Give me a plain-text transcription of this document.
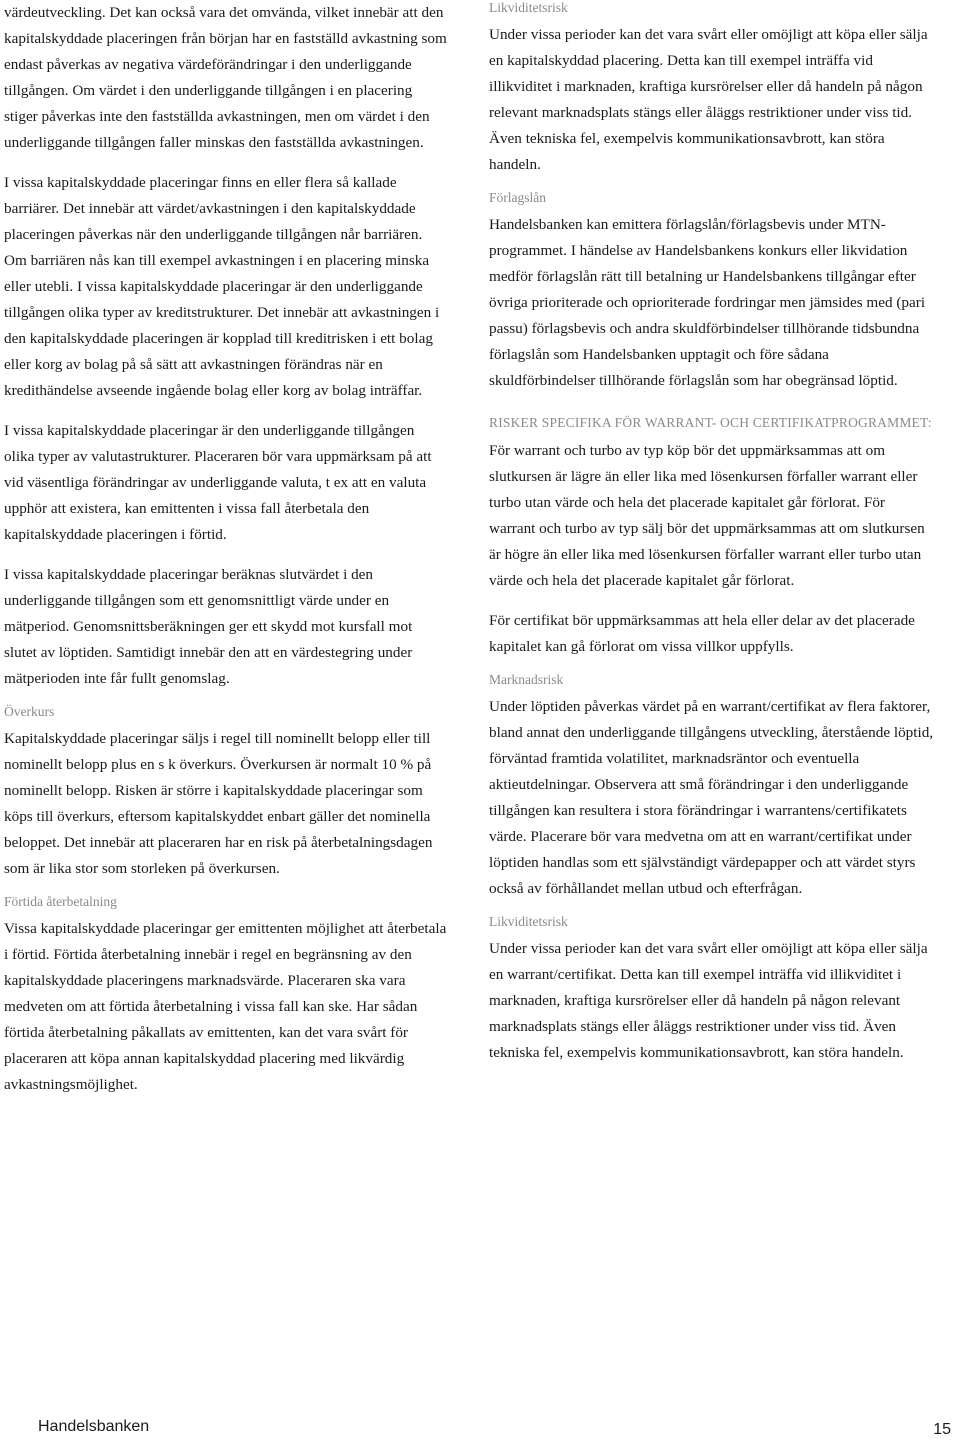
värdeutveckling. Det kan också vara det omvända, vilket innebär att den kapitalskyddade placeringen från början har en fastställd avkastning som endast påverkas av negativa värdeförändringar i den underliggande tillgången. Om värdet i den underliggande tillgången i en placering stiger påverkas inte den fastställda avkastningen, men om värdet i den underliggande tillgången faller minskas den fastställda avkastningen.

I vissa kapitalskyddade placeringar finns en eller flera så kallade barriärer. Det innebär att värdet/avkastningen i den kapitalskyddade placeringen påverkas när den underliggande tillgången når barriären. Om barriären nås kan till exempel avkastningen i en placering minska eller utebli. I vissa kapitalskyddade placeringar är den underliggande tillgången olika typer av kreditstrukturer. Det innebär att avkastningen i den kapitalskyddade placeringen är kopplad till kreditrisken i ett bolag eller korg av bolag på så sätt att avkastningen förändras när en kredithändelse avseende ingående bolag eller korg av bolag inträffar.

I vissa kapitalskyddade placeringar är den underliggande tillgången olika typer av valutastrukturer. Placeraren bör vara uppmärksam på att vid väsentliga förändringar av underliggande valuta, t ex att en valuta upphör att existera, kan emittenten i vissa fall återbetala den kapitalskyddade placeringen i förtid.

I vissa kapitalskyddade placeringar beräknas slutvärdet i den underliggande tillgången som ett genomsnittligt värde under en mätperiod. Genomsnittsberäkningen ger ett skydd mot kursfall mot slutet av löptiden. Samtidigt innebär den att en värdestegring under mätperioden inte får fullt genomslag.

Överkurs

Kapitalskyddade placeringar säljs i regel till nominellt belopp eller till nominellt belopp plus en s k överkurs. Överkursen är normalt 10 % på nominellt belopp. Risken är större i kapitalskyddade placeringar som köps till överkurs, eftersom kapitalskyddet enbart gäller det nominella beloppet. Det innebär att placeraren har en risk på återbetalningsdagen som är lika stor som storleken på överkursen.

Förtida återbetalning

Vissa kapitalskyddade placeringar ger emittenten möjlighet att återbetala i förtid. Förtida återbetalning innebär i regel en begränsning av den kapitalskyddade placeringens marknadsvärde. Placeraren ska vara medveten om att förtida återbetalning i vissa fall kan ske. Har sådan förtida återbetalning påkallats av emittenten, kan det vara svårt för placeraren att köpa annan kapitalskyddad placering med likvärdig avkastningsmöjlighet.

Likviditetsrisk

Under vissa perioder kan det vara svårt eller omöjligt att köpa eller sälja en kapitalskyddad placering. Detta kan till exempel inträffa vid illikviditet i marknaden, kraftiga kursrörelser eller då handeln på någon relevant marknadsplats stängs eller åläggs restriktioner under viss tid. Även tekniska fel, exempelvis kommunikationsavbrott, kan störa handeln.

Förlagslån

Handelsbanken kan emittera förlagslån/förlagsbevis under MTN-programmet. I händelse av Handelsbankens konkurs eller likvidation medför förlagslån rätt till betalning ur Handelsbankens tillgångar efter övriga prioriterade och oprioriterade fordringar men jämsides med (pari passu) förlagsbevis och andra skuldförbindelser tillhörande tidsbundna förlagslån som Handelsbanken upptagit och före sådana skuldförbindelser tillhörande förlagslån som har obegränsad löptid.

RISKER SPECIFIKA FÖR WARRANT- OCH CERTIFIKATPROGRAMMET:

För warrant och turbo av typ köp bör det uppmärksammas att om slutkursen är lägre än eller lika med lösenkursen förfaller warrant eller turbo utan värde och hela det placerade kapitalet går förlorat. För warrant och turbo av typ sälj bör det uppmärksammas att om slutkursen är högre än eller lika med lösenkursen förfaller warrant eller turbo utan värde och hela det placerade kapitalet går förlorat.

För certifikat bör uppmärksammas att hela eller delar av det placerade kapitalet kan gå förlorat om vissa villkor uppfylls.

Marknadsrisk

Under löptiden påverkas värdet på en warrant/certifikat av flera faktorer, bland annat den underliggande tillgångens utveckling, återstående löptid, förväntad framtida volatilitet, marknadsräntor och eventuella aktieutdelningar. Observera att små förändringar i den underliggande tillgången kan resultera i stora förändringar i warrantens/certifikatets värde. Placerare bör vara medvetna om att en warrant/certifikat under löptiden handlas som ett självständigt värdepapper och att värdet styrs också av förhållandet mellan utbud och efterfrågan.

Likviditetsrisk

Under vissa perioder kan det vara svårt eller omöjligt att köpa eller sälja en warrant/certifikat. Detta kan till exempel inträffa vid illikviditet i marknaden, kraftiga kursrörelser eller då handeln på någon relevant marknadsplats stängs eller åläggs restriktioner under viss tid. Även tekniska fel, exempelvis kommunikationsavbrott, kan störa handeln.

Handelsbanken	15
